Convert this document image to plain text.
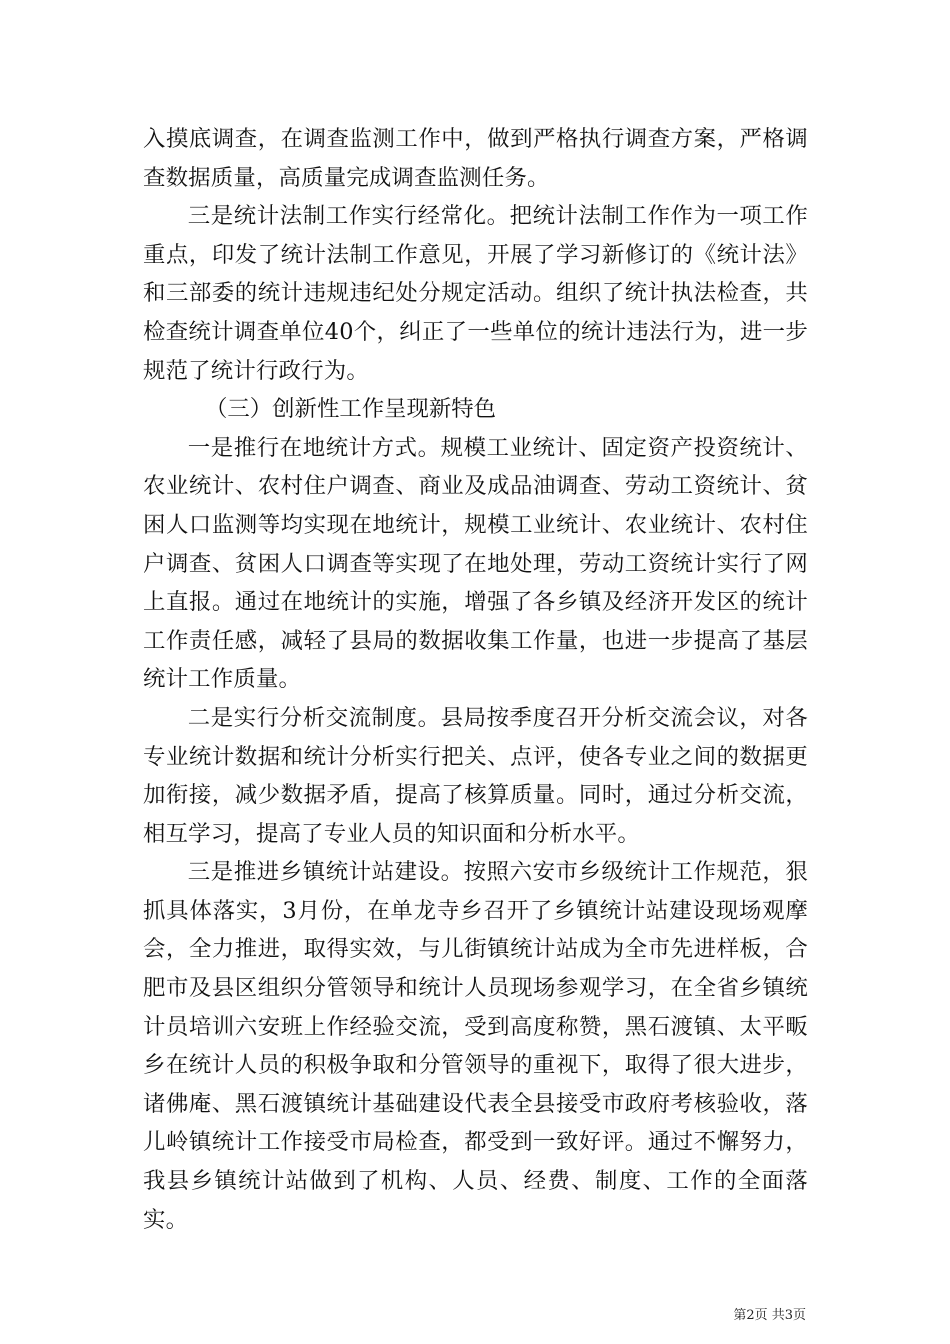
入摸底调查，在调查监测工作中，做到严格执行调查方案，严格调查数据质量，高质量完成调查监测任务。

三是统计法制工作实行经常化。把统计法制工作作为一项工作重点，印发了统计法制工作意见，开展了学习新修订的《统计法》和三部委的统计违规违纪处分规定活动。组织了统计执法检查，共检查统计调查单位40个，纠正了一些单位的统计违法行为，进一步规范了统计行政行为。

（三）创新性工作呈现新特色

一是推行在地统计方式。规模工业统计、固定资产投资统计、农业统计、农村住户调查、商业及成品油调查、劳动工资统计、贫困人口监测等均实现在地统计，规模工业统计、农业统计、农村住户调查、贫困人口调查等实现了在地处理，劳动工资统计实行了网上直报。通过在地统计的实施，增强了各乡镇及经济开发区的统计工作责任感，减轻了县局的数据收集工作量，也进一步提高了基层统计工作质量。

二是实行分析交流制度。县局按季度召开分析交流会议，对各专业统计数据和统计分析实行把关、点评，使各专业之间的数据更加衔接，减少数据矛盾，提高了核算质量。同时，通过分析交流，相互学习，提高了专业人员的知识面和分析水平。

三是推进乡镇统计站建设。按照六安市乡级统计工作规范，狠抓具体落实，3月份，在单龙寺乡召开了乡镇统计站建设现场观摩会，全力推进，取得实效，与儿街镇统计站成为全市先进样板，合肥市及县区组织分管领导和统计人员现场参观学习，在全省乡镇统计员培训六安班上作经验交流，受到高度称赞，黑石渡镇、太平畈乡在统计人员的积极争取和分管领导的重视下，取得了很大进步，诸佛庵、黑石渡镇统计基础建设代表全县接受市政府考核验收，落儿岭镇统计工作接受市局检查，都受到一致好评。通过不懈努力，我县乡镇统计站做到了机构、人员、经费、制度、工作的全面落实。

第2页 共3页
